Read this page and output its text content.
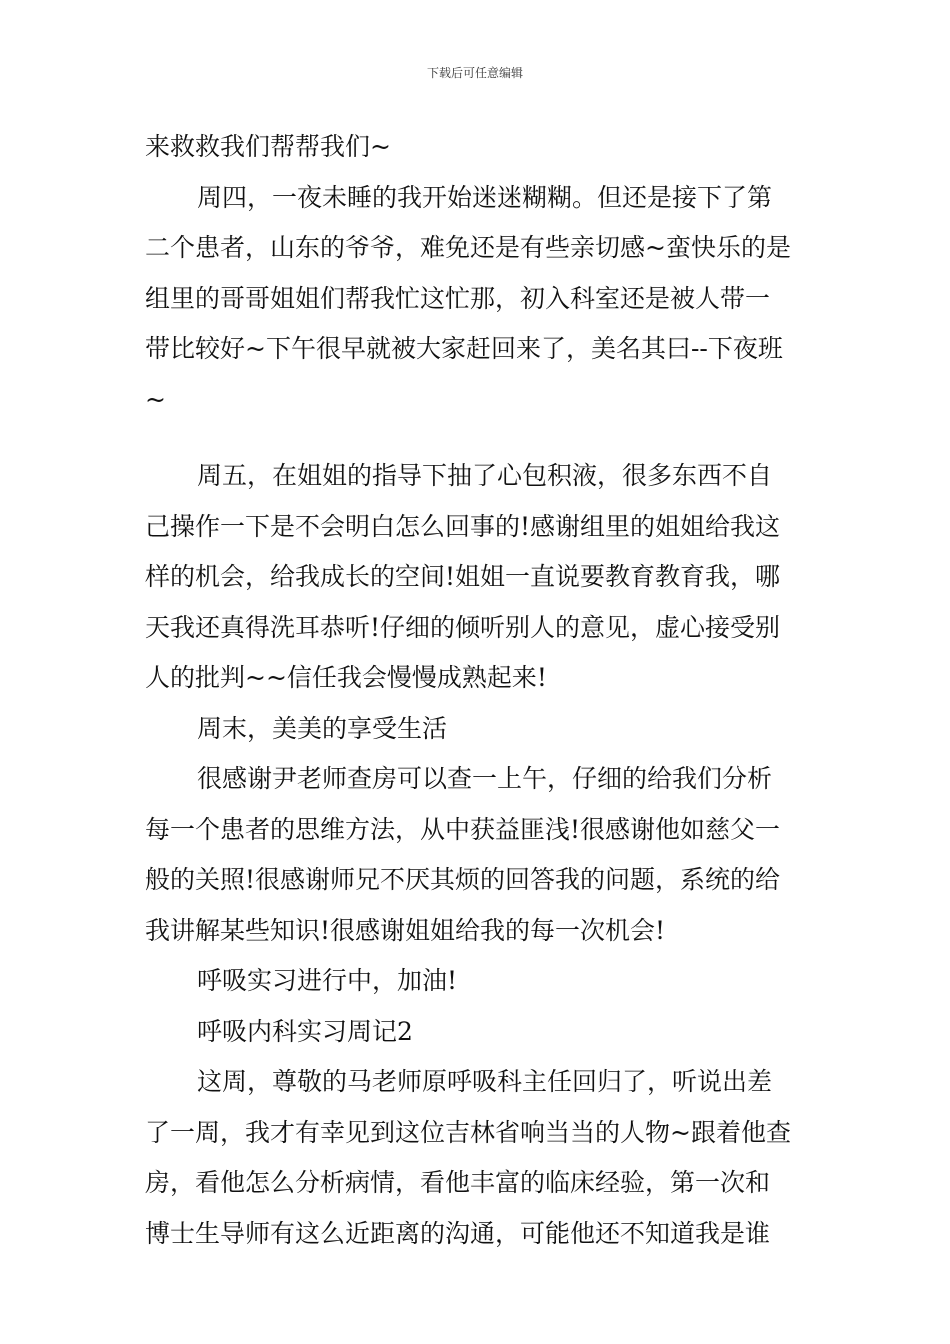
下载后可任意编辑
来救救我们帮帮我们~
周四，一夜未睡的我开始迷迷糊糊。但还是接下了第
二个患者，山东的爷爷，难免还是有些亲切感~蛮快乐的是
组里的哥哥姐姐们帮我忙这忙那，初入科室还是被人带一
带比较好~下午很早就被大家赶回来了，美名其曰--下夜班
~
周五，在姐姐的指导下抽了心包积液，很多东西不自
己操作一下是不会明白怎么回事的!感谢组里的姐姐给我这
样的机会，给我成长的空间!姐姐一直说要教育教育我，哪
天我还真得洗耳恭听!仔细的倾听别人的意见，虚心接受别
人的批判~~信任我会慢慢成熟起来!
周末，美美的享受生活
很感谢尹老师查房可以查一上午，仔细的给我们分析
每一个患者的思维方法，从中获益匪浅!很感谢他如慈父一
般的关照!很感谢师兄不厌其烦的回答我的问题，系统的给
我讲解某些知识!很感谢姐姐给我的每一次机会!
呼吸实习进行中，加油!
呼吸内科实习周记2
这周，尊敬的马老师原呼吸科主任回归了，听说出差
了一周，我才有幸见到这位吉林省响当当的人物~跟着他查
房，看他怎么分析病情，看他丰富的临床经验，第一次和
博士生导师有这么近距离的沟通，可能他还不知道我是谁
